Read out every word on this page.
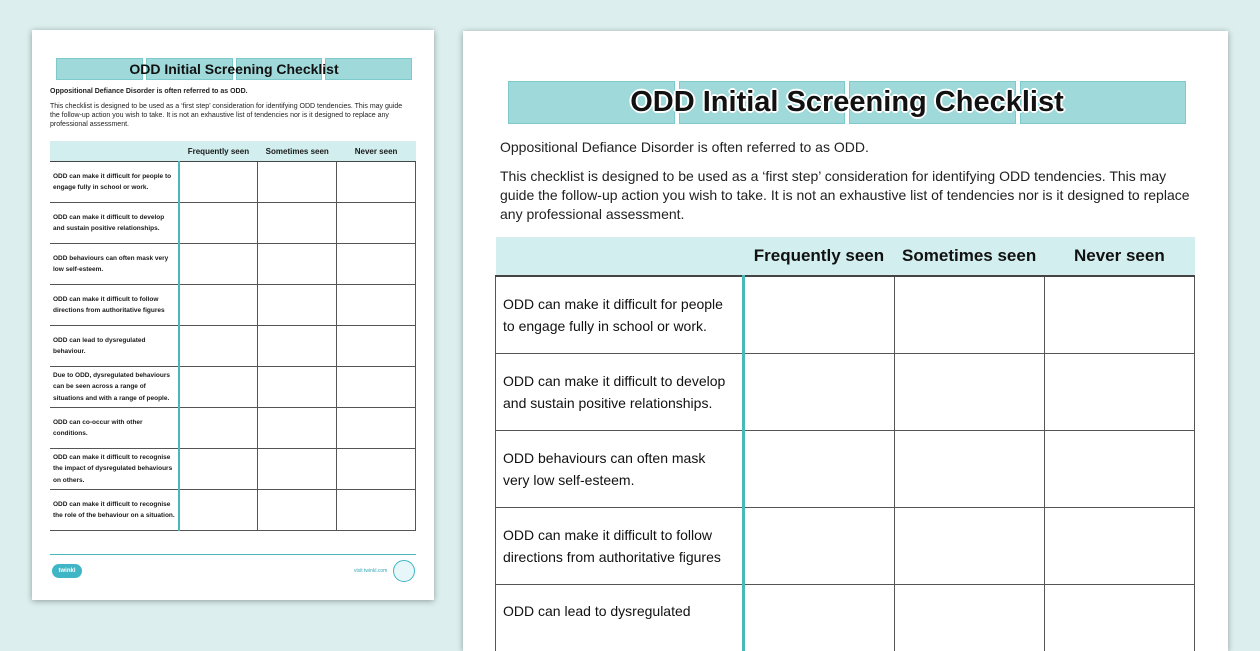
ODD Initial Screening Checklist
Oppositional Defiance Disorder is often referred to as ODD.
This checklist is designed to be used as a ‘first step’ consideration for identifying ODD tendencies. This may guide the follow-up action you wish to take. It is not an exhaustive list of tendencies nor is it designed to replace any professional assessment.
	Frequently seen	Sometimes seen	Never seen
ODD can make it difficult for people to engage fully in school or work.			
ODD can make it difficult to develop and sustain positive relationships.			
ODD behaviours can often mask very low self-esteem.			
ODD can make it difficult to follow directions from authoritative figures			
ODD can lead to dysregulated behaviour.			
Due to ODD, dysregulated behaviours can be seen across a range of situations and with a range of people.			
ODD can co-occur with other conditions.			
ODD can make it difficult to recognise the impact of dysregulated behaviours on others.			
ODD can make it difficult to recognise the role of the behaviour on a situation.			
twinkl	visit twinkl.com
ODD Initial Screening Checklist
Oppositional Defiance Disorder is often referred to as ODD.
This checklist is designed to be used as a ‘first step’ consideration for identifying ODD tendencies. This may guide the follow-up action you wish to take. It is not an exhaustive list of tendencies nor is it designed to replace any professional assessment.
	Frequently seen	Sometimes seen	Never seen
ODD can make it difficult for people to engage fully in school or work.			
ODD can make it difficult to develop and sustain positive relationships.			
ODD behaviours can often mask very low self-esteem.			
ODD can make it difficult to follow directions from authoritative figures			
ODD can lead to dysregulated			
